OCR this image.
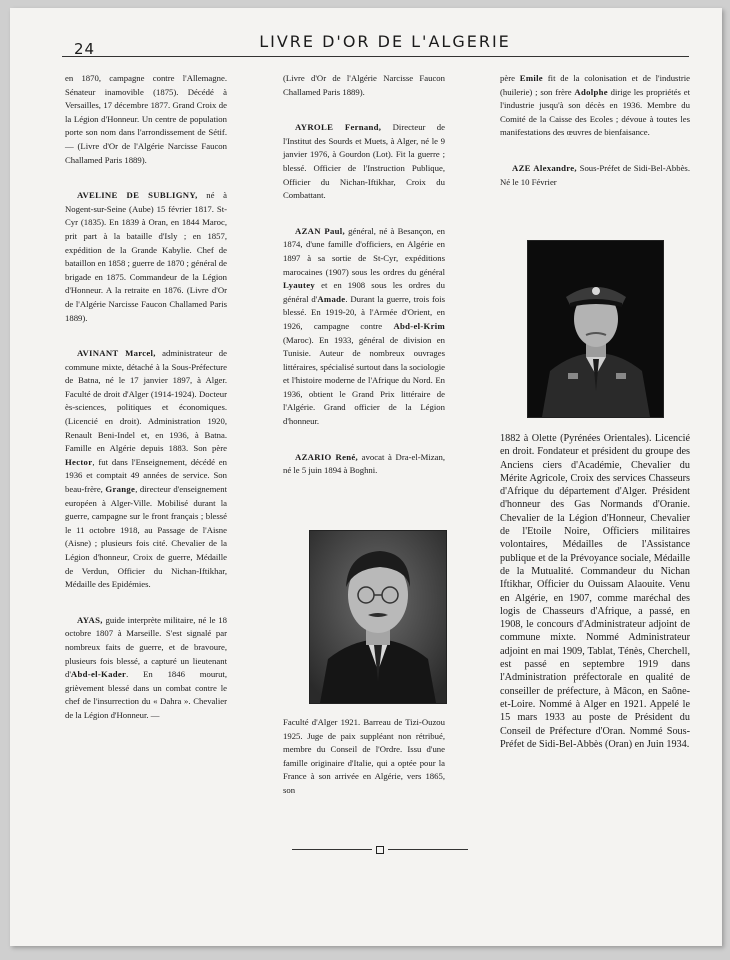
24	LIVRE D'OR DE L'ALGERIE

en 1870, campagne contre l'Allemagne. Sénateur inamovible (1875). Décédé à Versailles, 17 décembre 1877. Grand Croix de la Légion d'Honneur. Un centre de population porte son nom dans l'arrondissement de Sétif. — (Livre d'Or de l'Algérie Narcisse Faucon Challamed Paris 1889).

AVELINE DE SUBLIGNY, né à Nogent-sur-Seine (Aube) 15 février 1817. St-Cyr (1835). En 1839 à Oran, en 1844 Maroc, prit part à la bataille d'Isly ; en 1857, expédition de la Grande Kabylie. Chef de bataillon en 1858 ; guerre de 1870 ; général de brigade en 1875. Commandeur de la Légion d'Honneur. A la retraite en 1876. (Livre d'Or de l'Algérie Narcisse Faucon Challamed Paris 1889).

AVINANT Marcel, administrateur de commune mixte, détaché à la Sous-Préfecture de Batna, né le 17 janvier 1897, à Alger. Faculté de droit d'Alger (1914-1924). Docteur ès-sciences, politiques et économiques. (Licencié en droit). Administration 1920, Renault Beni-Indel et, en 1936, à Batna. Famille en Algérie depuis 1883. Son père Hector, fut dans l'Enseignement, décédé en 1936 et comptait 49 années de service. Son beau-frère, Grange, directeur d'enseignement européen à Alger-Ville. Mobilisé durant la guerre, campagne sur le front français ; blessé le 11 octobre 1918, au Passage de l'Aisne (Aisne) ; plusieurs fois cité. Chevalier de la Légion d'honneur, Croix de guerre, Médaille de Verdun, Officier du Nichan-Iftikhar, Médaille des Epidémies.

AYAS, guide interprète militaire, né le 18 octobre 1807 à Marseille. S'est signalé par nombreux faits de guerre, et de bravoure, plusieurs fois blessé, a capturé un lieutenant d'Abd-el-Kader. En 1846 mourut, grièvement blessé dans un combat contre le chef de l'insurrection du « Dahra ». Chevalier de la Légion d'Honneur. —

(Livre d'Or de l'Algérie Narcisse Faucon Challamed Paris 1889).

AYROLE Fernand, Directeur de l'Institut des Sourds et Muets, à Alger, né le 9 janvier 1976, à Gourdon (Lot). Fit la guerre ; blessé. Officier de l'Instruction Publique, Officier du Nichan-Iftikhar, Croix du Combattant.

AZAN Paul, général, né à Besançon, en 1874, d'une famille d'officiers, en Algérie en 1897 à sa sortie de St-Cyr, expéditions marocaines (1907) sous les ordres du général Lyautey et en 1908 sous les ordres du général d'Amade. Durant la guerre, trois fois blessé. En 1919-20, à l'Armée d'Orient, en 1926, campagne contre Abd-el-Krim (Maroc). En 1933, général de division en Tunisie. Auteur de nombreux ouvrages littéraires, spécialisé surtout dans la sociologie et l'histoire moderne de l'Afrique du Nord. En 1936, obtient le Grand Prix littéraire de l'Algérie. Grand officier de la Légion d'honneur.

AZARIO René, avocat à Dra-el-Mizan, né le 5 juin 1894 à Boghni.

Faculté d'Alger 1921. Barreau de Tizi-Ouzou 1925. Juge de paix suppléant non rétribué, membre du Conseil de l'Ordre. Issu d'une famille originaire d'Italie, qui a optée pour la France à son arrivée en Algérie, vers 1865, son

père Emile fit de la colonisation et de l'industrie (huilerie) ; son frère Adolphe dirige les propriétés et l'industrie jusqu'à son décès en 1936. Membre du Comité de la Caisse des Ecoles ; dévoue à toutes les manifestations des œuvres de bienfaisance.

AZE Alexandre, Sous-Préfet de Sidi-Bel-Abbès. Né le 10 Février

1882 à Olette (Pyrénées Orientales). Licencié en droit. Fondateur et président du groupe des Anciens ciers d'Académie, Chevalier du Mérite Agricole, Croix des services Chasseurs d'Afrique du département d'Alger. Président d'honneur des Gas Normands d'Oranie. Chevalier de la Légion d'Honneur, Chevalier de l'Etoile Noire, Officiers militaires volontaires, Médailles de l'Assistance publique et de la Prévoyance sociale, Médaille de la Mutualité. Commandeur du Nichan Iftikhar, Officier du Ouissam Alaouite. Venu en Algérie, en 1907, comme maréchal des logis de Chasseurs d'Afrique, a passé, en 1908, le concours d'Administrateur adjoint de commune mixte. Nommé Administrateur adjoint en mai 1909, Tablat, Ténès, Cherchell, est passé en septembre 1919 dans l'Administration préfectorale en qualité de conseiller de préfecture, à Mâcon, en Saône-et-Loire. Nommé à Alger en 1921. Appelé le 15 mars 1933 au poste de Président du Conseil de Préfecture d'Oran. Nommé Sous-Préfet de Sidi-Bel-Abbès (Oran) en Juin 1934.
